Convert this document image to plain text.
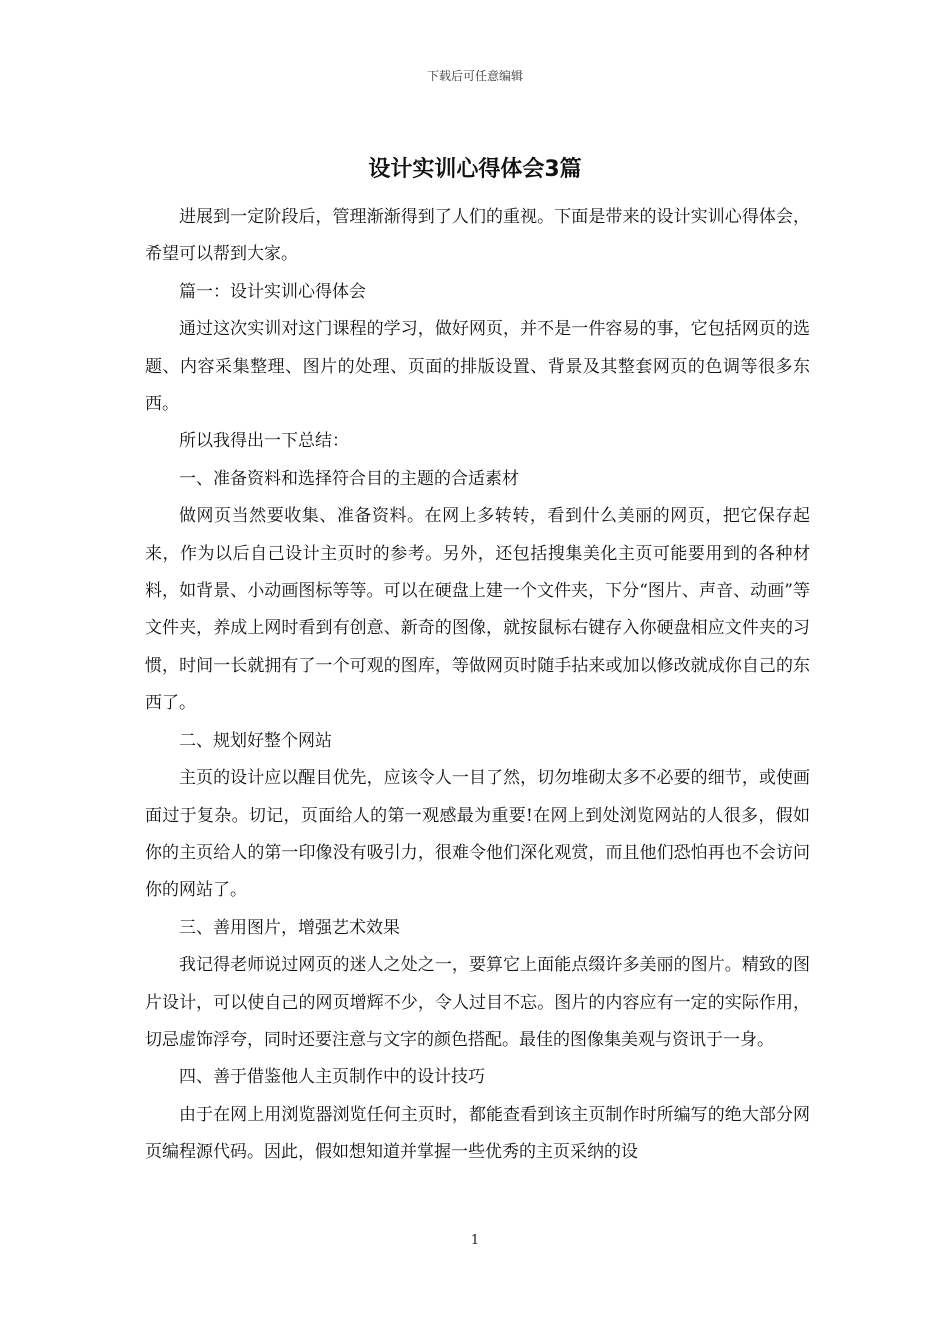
下载后可任意编辑
设计实训心得体会3篇

进展到一定阶段后，管理渐渐得到了人们的重视。下面是带来的设计实训心得体会，希望可以帮到大家。

篇一：设计实训心得体会

通过这次实训对这门课程的学习，做好网页，并不是一件容易的事，它包括网页的选题、内容采集整理、图片的处理、页面的排版设置、背景及其整套网页的色调等很多东西。

所以我得出一下总结：

一、准备资料和选择符合目的主题的合适素材

做网页当然要收集、准备资料。在网上多转转，看到什么美丽的网页，把它保存起来，作为以后自己设计主页时的参考。另外，还包括搜集美化主页可能要用到的各种材料，如背景、小动画图标等等。可以在硬盘上建一个文件夹，下分“图片、声音、动画”等文件夹，养成上网时看到有创意、新奇的图像，就按鼠标右键存入你硬盘相应文件夹的习惯，时间一长就拥有了一个可观的图库，等做网页时随手拈来或加以修改就成你自己的东西了。

二、规划好整个网站

主页的设计应以醒目优先，应该令人一目了然，切勿堆砌太多不必要的细节，或使画面过于复杂。切记，页面给人的第一观感最为重要!在网上到处浏览网站的人很多，假如你的主页给人的第一印像没有吸引力，很难令他们深化观赏，而且他们恐怕再也不会访问你的网站了。

三、善用图片，增强艺术效果

我记得老师说过网页的迷人之处之一，要算它上面能点缀许多美丽的图片。精致的图片设计，可以使自己的网页增辉不少，令人过目不忘。图片的内容应有一定的实际作用，切忌虚饰浮夸，同时还要注意与文字的颜色搭配。最佳的图像集美观与资讯于一身。

四、善于借鉴他人主页制作中的设计技巧

由于在网上用浏览器浏览任何主页时，都能查看到该主页制作时所编写的绝大部分网页编程源代码。因此，假如想知道并掌握一些优秀的主页采纳的设

1
